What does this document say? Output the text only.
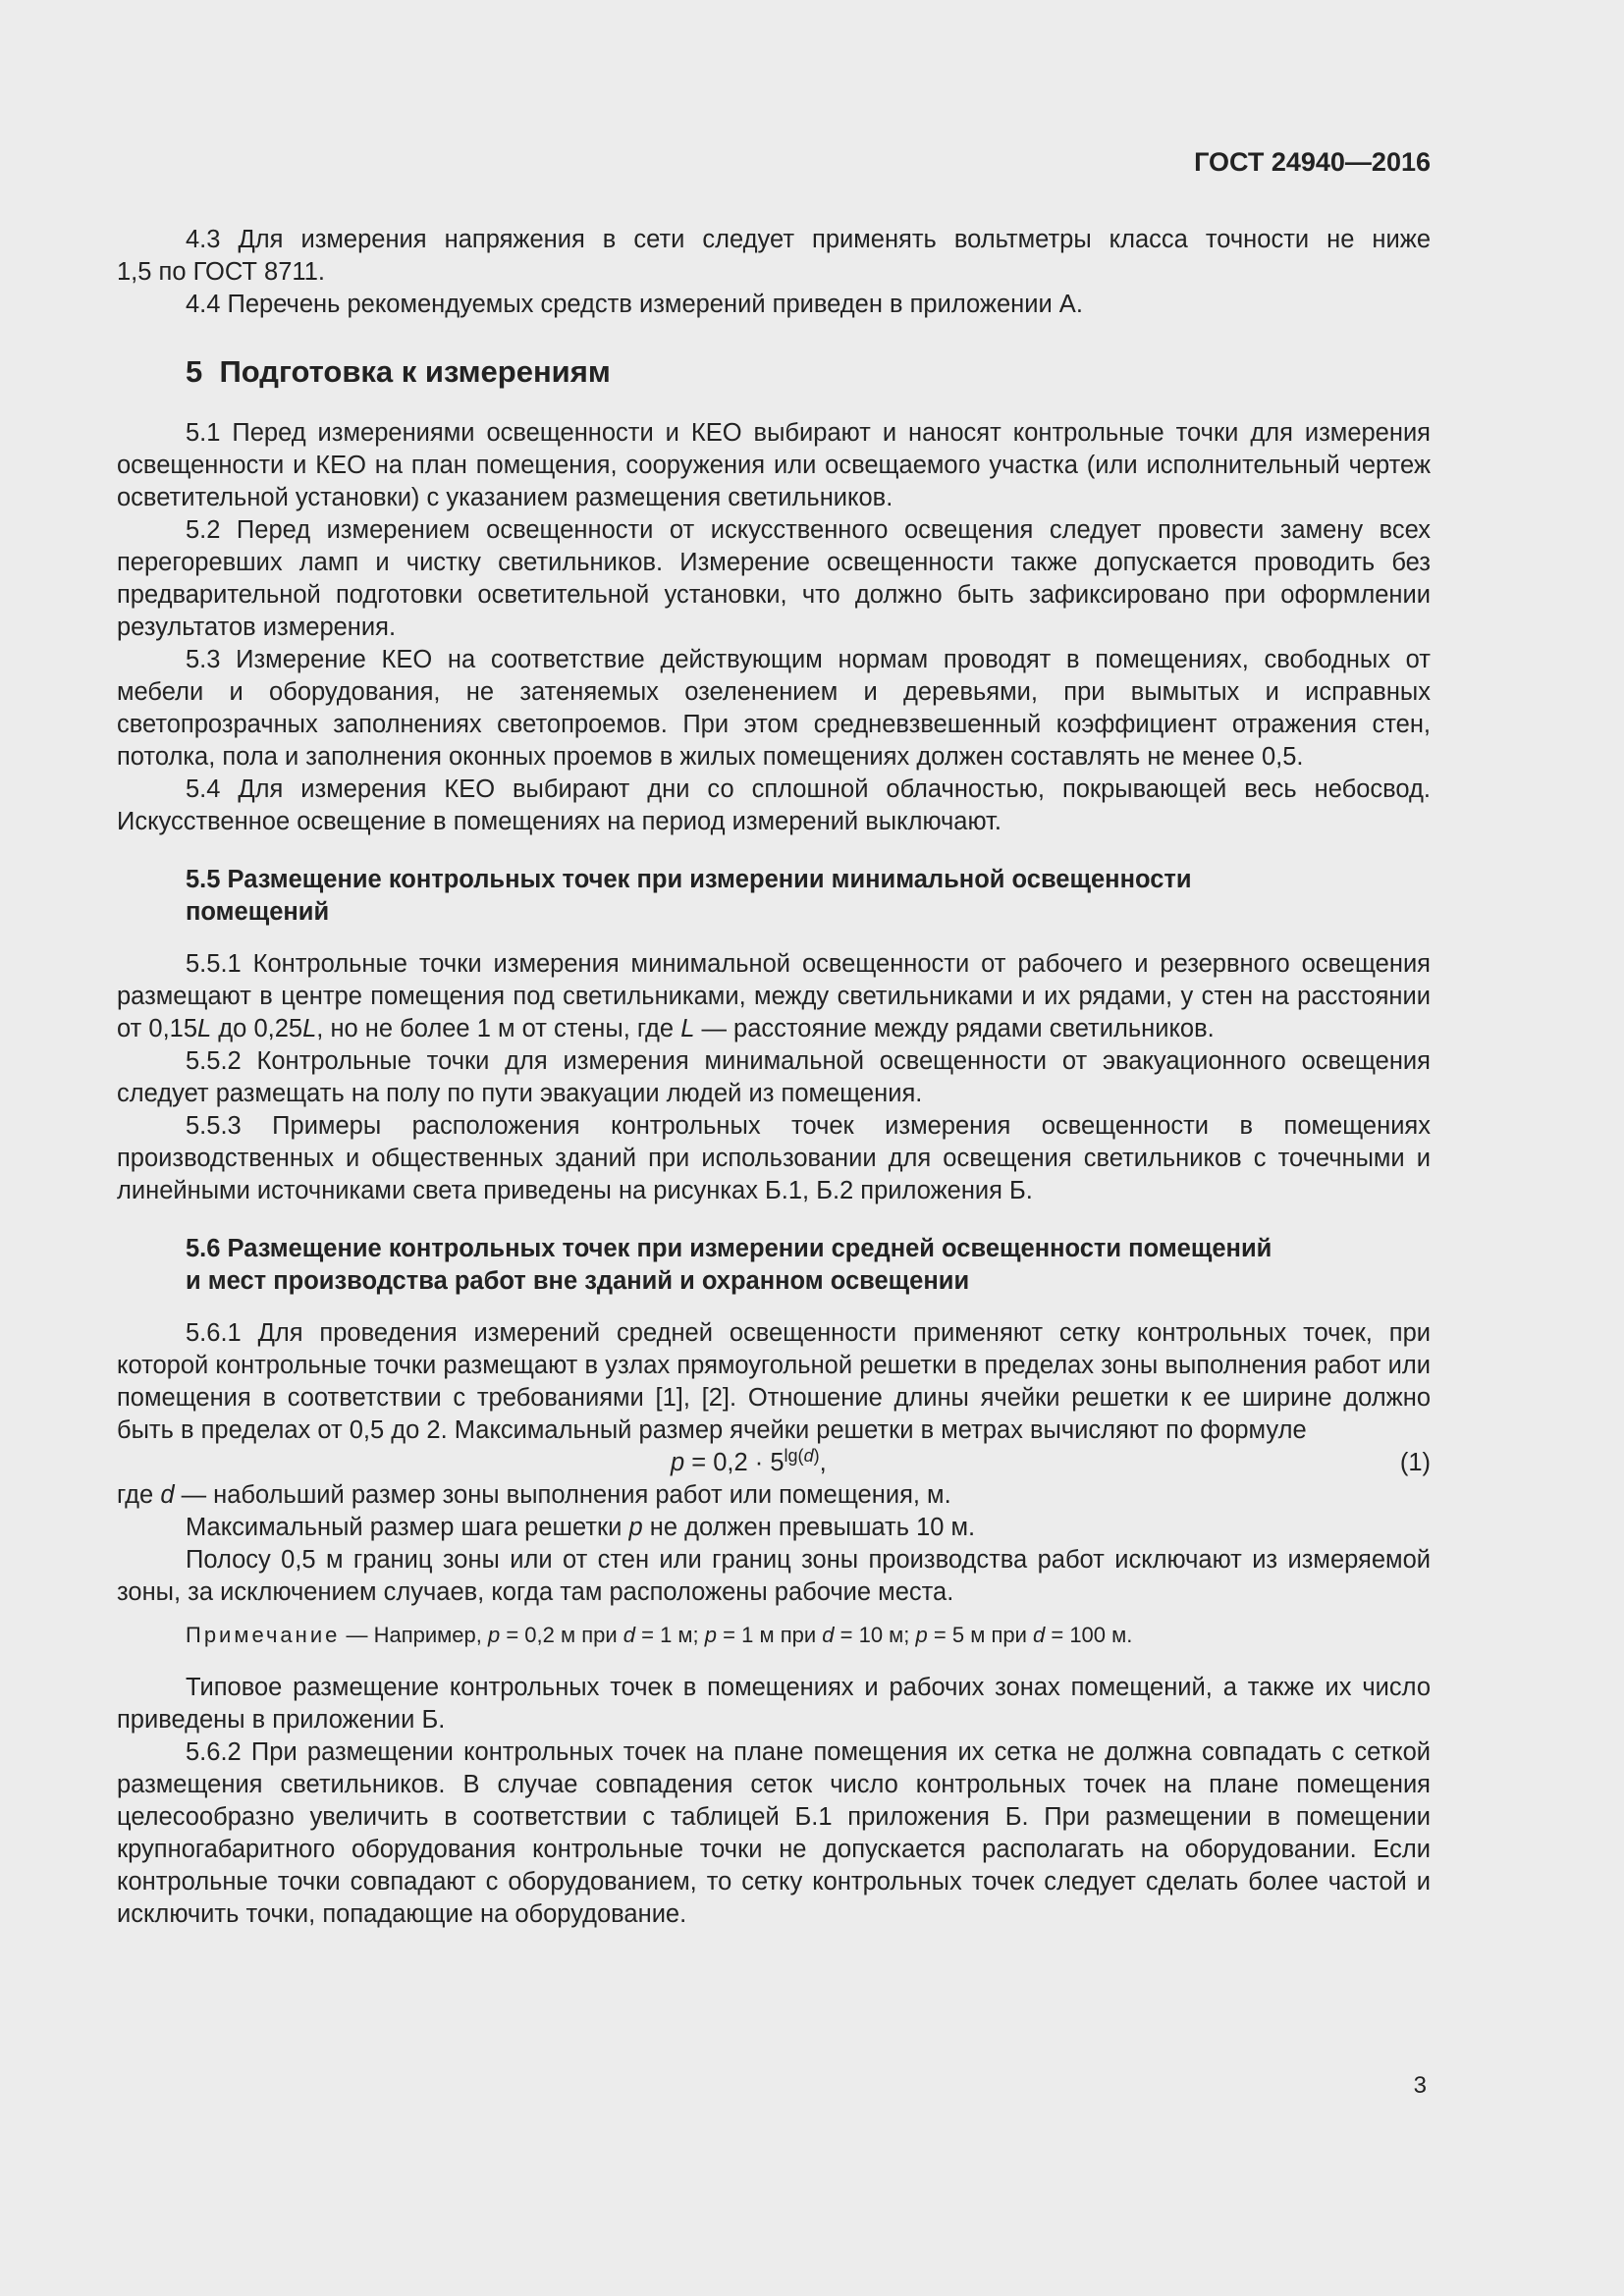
ГОСТ 24940—2016

4.3 Для измерения напряжения в сети следует применять вольтметры класса точности не ниже

1,5 по ГОСТ 8711.

4.4 Перечень рекомендуемых средств измерений приведен в приложении А.

5 Подготовка к измерениям

5.1 Перед измерениями освещенности и КЕО выбирают и наносят контрольные точки для измерения освещенности и КЕО на план помещения, сооружения или освещаемого участка (или исполнительный чертеж осветительной установки) с указанием размещения светильников.

5.2 Перед измерением освещенности от искусственного освещения следует провести замену всех перегоревших ламп и чистку светильников. Измерение освещенности также допускается проводить без предварительной подготовки осветительной установки, что должно быть зафиксировано при оформлении результатов измерения.

5.3 Измерение КЕО на соответствие действующим нормам проводят в помещениях, свободных от мебели и оборудования, не затеняемых озеленением и деревьями, при вымытых и исправных светопрозрачных заполнениях светопроемов. При этом средневзвешенный коэффициент отражения стен, потолка, пола и заполнения оконных проемов в жилых помещениях должен составлять не менее 0,5.

5.4 Для измерения КЕО выбирают дни со сплошной облачностью, покрывающей весь небосвод. Искусственное освещение в помещениях на период измерений выключают.

5.5 Размещение контрольных точек при измерении минимальной освещенности
помещений

5.5.1 Контрольные точки измерения минимальной освещенности от рабочего и резервного освещения размещают в центре помещения под светильниками, между светильниками и их рядами, у стен на расстоянии от 0,15L до 0,25L, но не более 1 м от стены, где L — расстояние между рядами светильников.

5.5.2 Контрольные точки для измерения минимальной освещенности от эвакуационного освещения следует размещать на полу по пути эвакуации людей из помещения.

5.5.3 Примеры расположения контрольных точек измерения освещенности в помещениях производственных и общественных зданий при использовании для освещения светильников с точечными и линейными источниками света приведены на рисунках Б.1, Б.2 приложения Б.

5.6 Размещение контрольных точек при измерении средней освещенности помещений
и мест производства работ вне зданий и охранном освещении

5.6.1 Для проведения измерений средней освещенности применяют сетку контрольных точек, при которой контрольные точки размещают в узлах прямоугольной решетки в пределах зоны выполнения работ или помещения в соответствии с требованиями [1], [2]. Отношение длины ячейки решетки к ее ширине должно быть в пределах от 0,5 до 2. Максимальный размер ячейки решетки в метрах вычисляют по формуле

$p = 0,2 \cdot 5^{lg(d)}$,	(1)

где d — набольший размер зоны выполнения работ или помещения, м.

Максимальный размер шага решетки p не должен превышать 10 м.

Полосу 0,5 м границ зоны или от стен или границ зоны производства работ исключают из измеряемой зоны, за исключением случаев, когда там расположены рабочие места.

Примечание — Например, p = 0,2 м при d = 1 м; p = 1 м при d = 10 м; p = 5 м при d = 100 м.

Типовое размещение контрольных точек в помещениях и рабочих зонах помещений, а также их число приведены в приложении Б.

5.6.2 При размещении контрольных точек на плане помещения их сетка не должна совпадать с сеткой размещения светильников. В случае совпадения сеток число контрольных точек на плане помещения целесообразно увеличить в соответствии с таблицей Б.1 приложения Б. При размещении в помещении крупногабаритного оборудования контрольные точки не допускается располагать на оборудовании. Если контрольные точки совпадают с оборудованием, то сетку контрольных точек следует сделать более частой и исключить точки, попадающие на оборудование.

3
